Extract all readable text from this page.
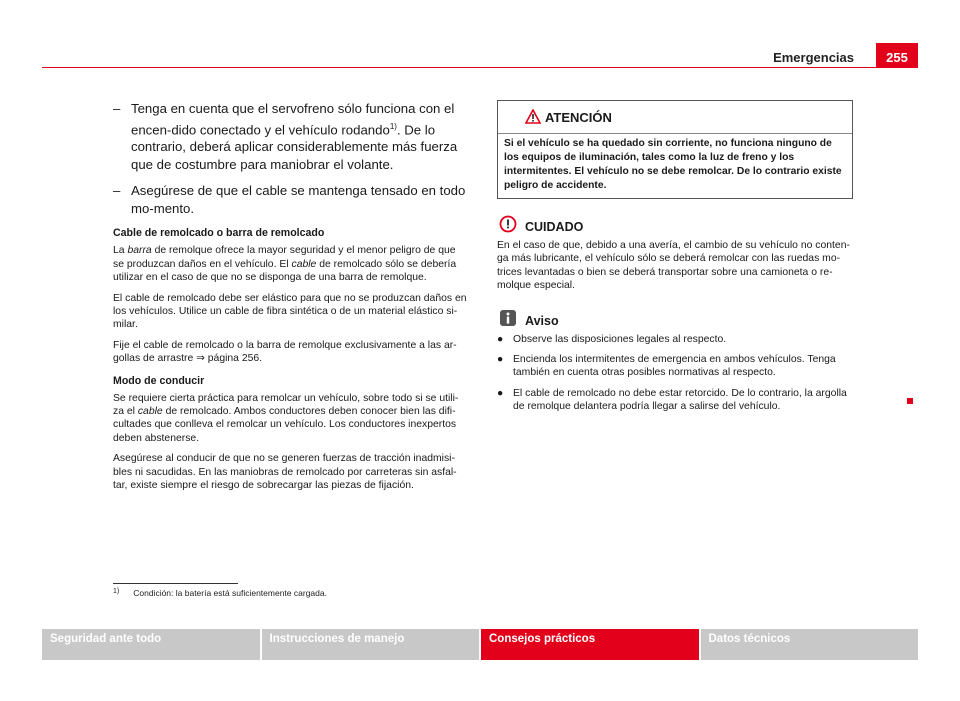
Emergencias	255
– Tenga en cuenta que el servofreno sólo funciona con el encen-dido conectado y el vehículo rodando$^{1)}$. De lo contrario, deberá aplicar considerablemente más fuerza que de costumbre para maniobrar el volante.
– Asegúrese de que el cable se mantenga tensado en todo mo-mento.
Cable de remolcado o barra de remolcado

La barra de remolque ofrece la mayor seguridad y el menor peligro de que se produzcan daños en el vehículo. El cable de remolcado sólo se debería utilizar en el caso de que no se disponga de una barra de remolque.

El cable de remolcado debe ser elástico para que no se produzcan daños en los vehículos. Utilice un cable de fibra sintética o de un material elástico si-milar.

Fije el cable de remolcado o la barra de remolque exclusivamente a las ar-gollas de arrastre ⇒ página 256.

Modo de conducir

Se requiere cierta práctica para remolcar un vehículo, sobre todo si se utili-za el cable de remolcado. Ambos conductores deben conocer bien las difi-cultades que conlleva el remolcar un vehículo. Los conductores inexpertos deben abstenerse.

Asegúrese al conducir de que no se generen fuerzas de tracción inadmisi-bles ni sacudidas. En las maniobras de remolcado por carreteras sin asfal-tar, existe siempre el riesgo de sobrecargar las piezas de fijación.

ATENCIÓN
Si el vehículo se ha quedado sin corriente, no funciona ninguno de los equipos de iluminación, tales como la luz de freno y los intermitentes. El vehículo no se debe remolcar. De lo contrario existe peligro de accidente.
CUIDADO

En el caso de que, debido a una avería, el cambio de su vehículo no conten-ga más lubricante, el vehículo sólo se deberá remolcar con las ruedas mo-trices levantadas o bien se deberá transportar sobre una camioneta o re-molque especial.

Aviso

● Observe las disposiciones legales al respecto.

● Encienda los intermitentes de emergencia en ambos vehículos. Tenga también en cuenta otras posibles normativas al respecto.

● El cable de remolcado no debe estar retorcido. De lo contrario, la argolla de remolque delantera podría llegar a salirse del vehículo.

$^{1)}$ Condición: la batería está suficientemente cargada.
Seguridad ante todo	Instrucciones de manejo	Consejos prácticos	Datos técnicos
